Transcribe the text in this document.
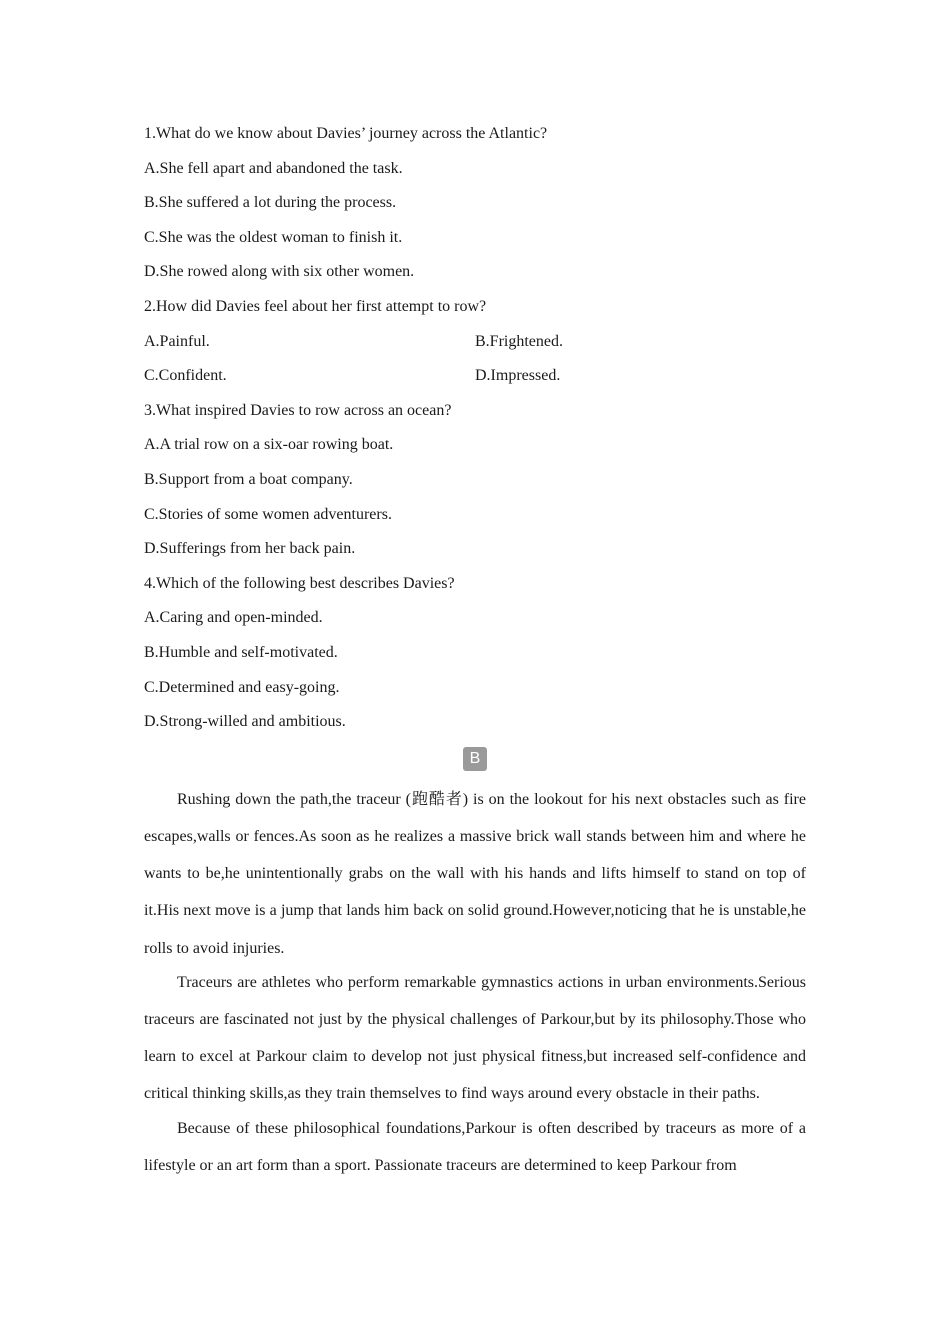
1.What do we know about Davies’ journey across the Atlantic?
A.She fell apart and abandoned the task.
B.She suffered a lot during the process.
C.She was the oldest woman to finish it.
D.She rowed along with six other women.
2.How did Davies feel about her first attempt to row?
A.Painful.	B.Frightened.
C.Confident.	D.Impressed.
3.What inspired Davies to row across an ocean?
A.A trial row on a six-oar rowing boat.
B.Support from a boat company.
C.Stories of some women adventurers.
D.Sufferings from her back pain.
4.Which of the following best describes Davies?
A.Caring and open-minded.
B.Humble and self-motivated.
C.Determined and easy-going.
D.Strong-willed and ambitious.
B

Rushing down the path,the traceur (跑酷者) is on the lookout for his next obstacles such as fire escapes,walls or fences.As soon as he realizes a massive brick wall stands between him and where he wants to be,he unintentionally grabs on the wall with his hands and lifts himself to stand on top of it.His next move is a jump that lands him back on solid ground.However,noticing that he is unstable,he rolls to avoid injuries.

Traceurs are athletes who perform remarkable gymnastics actions in urban environments.Serious traceurs are fascinated not just by the physical challenges of Parkour,but by its philosophy.Those who learn to excel at Parkour claim to develop not just physical fitness,but increased self-confidence and critical thinking skills,as they train themselves to find ways around every obstacle in their paths.

Because of these philosophical foundations,Parkour is often described by traceurs as more of a lifestyle or an art form than a sport. Passionate traceurs are determined to keep Parkour from
